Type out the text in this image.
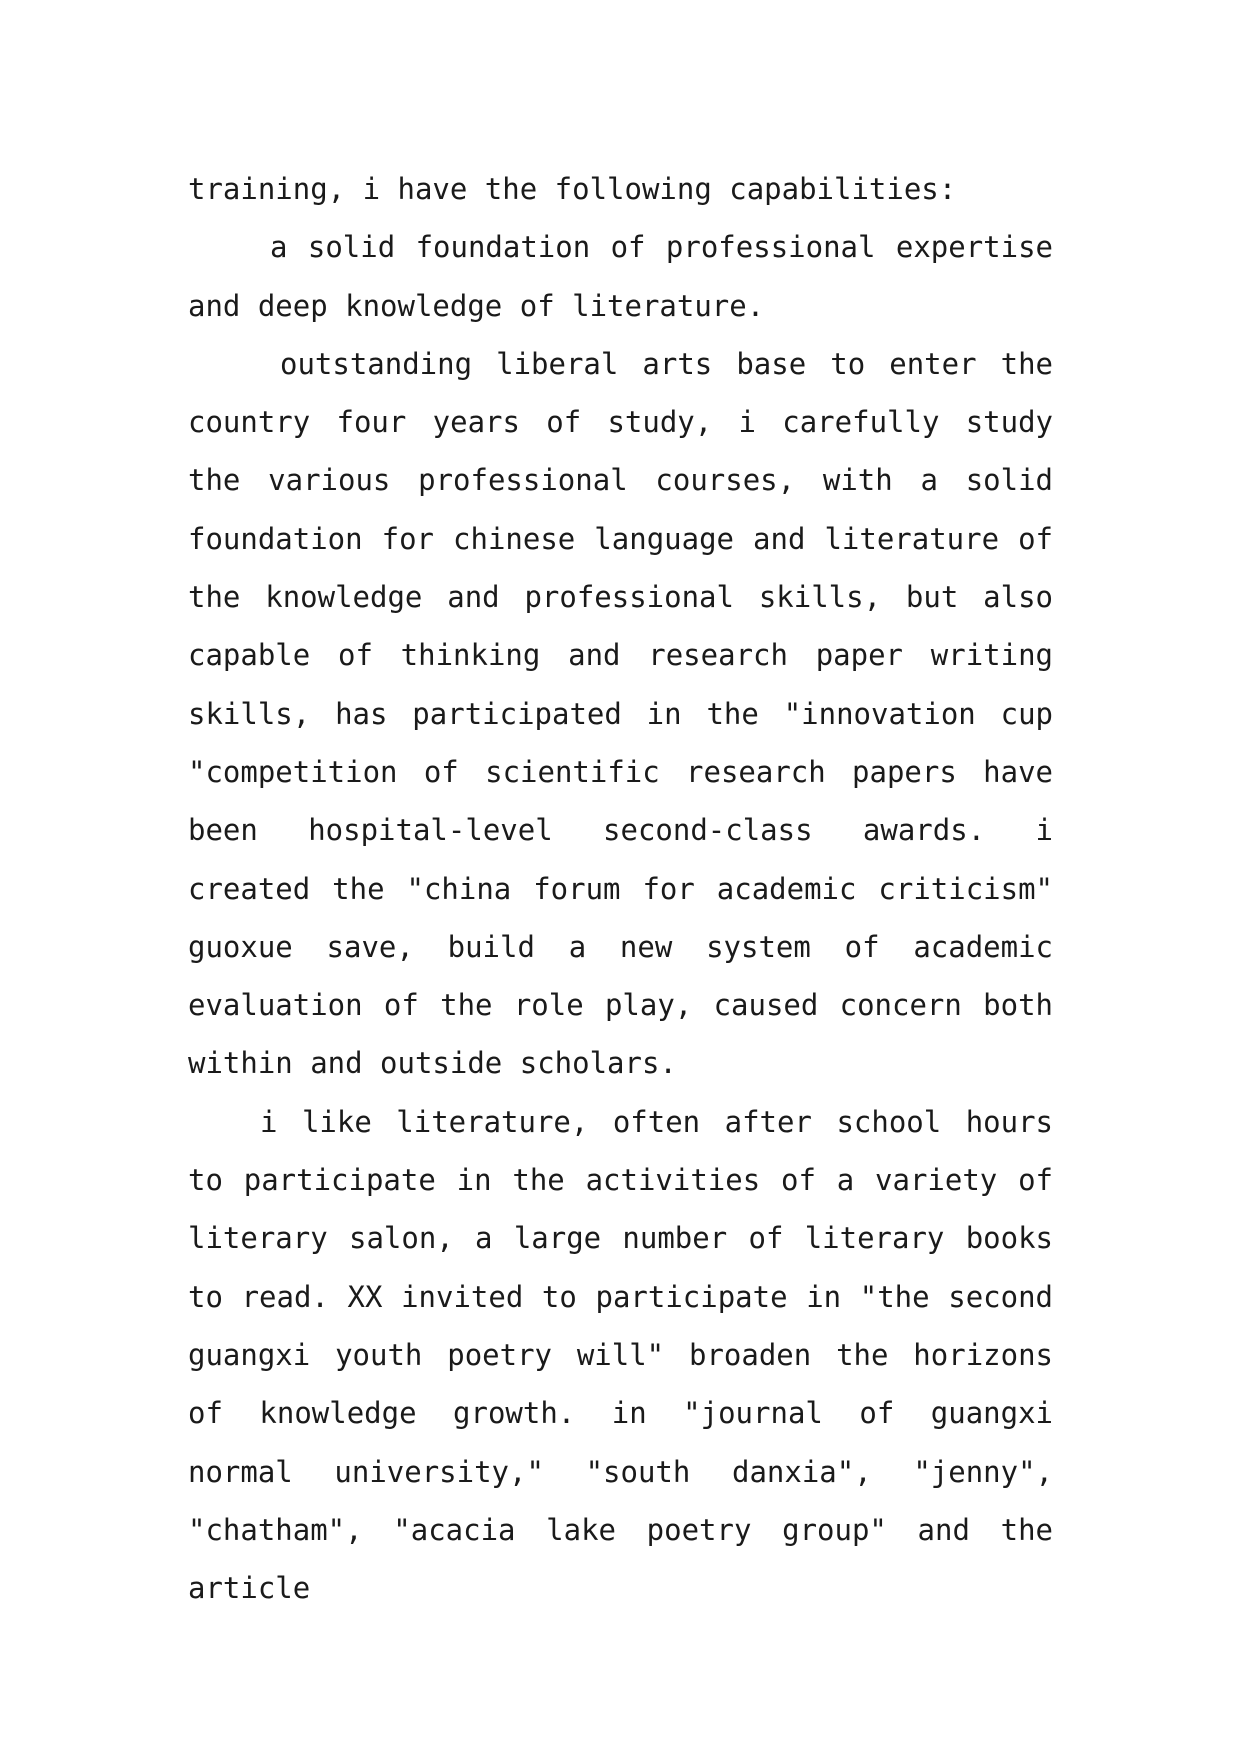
training, i have the following capabilities:

a solid foundation of professional expertise and deep knowledge of literature.

outstanding liberal arts base to enter the country four years of study, i carefully study the various professional courses, with a solid foundation for chinese language and literature of the knowledge and professional skills, but also capable of thinking and research paper writing skills, has participated in the "innovation cup "competition of scientific research papers have been hospital-level second-class awards. i created the "china forum for academic criticism" guoxue save, build a new system of academic evaluation of the role play, caused concern both within and outside scholars.

i like literature, often after school hours to participate in the activities of a variety of literary salon, a large number of literary books to read. XX invited to participate in "the second guangxi youth poetry will" broaden the horizons of knowledge growth. in "journal of guangxi normal university," "south danxia", "jenny", "chatham", "acacia lake poetry group" and the article
